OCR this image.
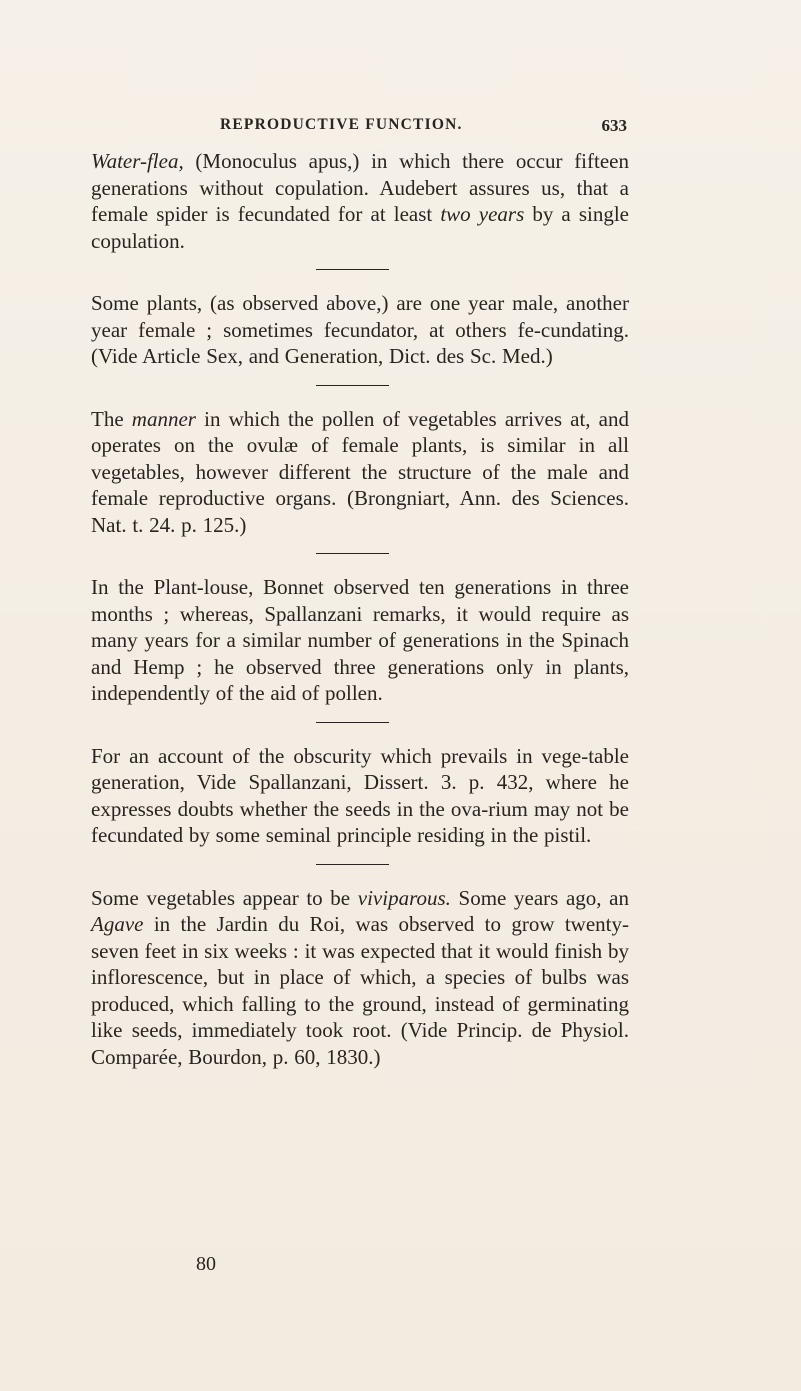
REPRODUCTIVE FUNCTION.	633

Water-flea, (Monoculus apus,) in which there occur fifteen generations without copulation. Audebert assures us, that a female spider is fecundated for at least two years by a single copulation.

Some plants, (as observed above,) are one year male, another year female ; sometimes fecundator, at others fe-cundating. (Vide Article Sex, and Generation, Dict. des Sc. Med.)

The manner in which the pollen of vegetables arrives at, and operates on the ovulæ of female plants, is similar in all vegetables, however different the structure of the male and female reproductive organs. (Brongniart, Ann. des Sciences. Nat. t. 24. p. 125.)

In the Plant-louse, Bonnet observed ten generations in three months ; whereas, Spallanzani remarks, it would require as many years for a similar number of generations in the Spinach and Hemp ; he observed three generations only in plants, independently of the aid of pollen.

For an account of the obscurity which prevails in vege-table generation, Vide Spallanzani, Dissert. 3. p. 432, where he expresses doubts whether the seeds in the ova-rium may not be fecundated by some seminal principle residing in the pistil.

Some vegetables appear to be viviparous. Some years ago, an Agave in the Jardin du Roi, was observed to grow twenty-seven feet in six weeks : it was expected that it would finish by inflorescence, but in place of which, a species of bulbs was produced, which falling to the ground, instead of germinating like seeds, immediately took root. (Vide Princip. de Physiol. Comparée, Bourdon, p. 60, 1830.)

80
